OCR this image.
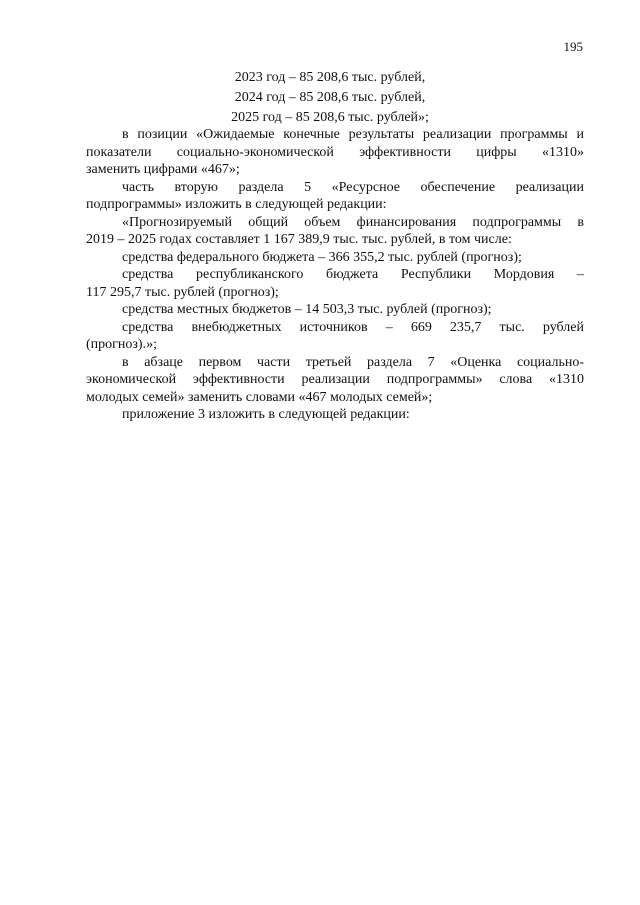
195
2023 год – 85 208,6 тыс. рублей,
2024 год – 85 208,6 тыс. рублей,
2025 год – 85 208,6 тыс. рублей»;
в позиции «Ожидаемые конечные результаты реализации программы и
показатели социально-экономической эффективности цифры «1310»
заменить цифрами «467»;
часть вторую раздела 5 «Ресурсное обеспечение реализации
подпрограммы» изложить в следующей редакции:
«Прогнозируемый общий объем финансирования подпрограммы в
2019 – 2025 годах составляет 1 167 389,9 тыс. тыс. рублей, в том числе:
средства федерального бюджета – 366 355,2 тыс. рублей (прогноз);
средства республиканского бюджета Республики Мордовия –
117 295,7 тыс. рублей (прогноз);
средства местных бюджетов – 14 503,3 тыс. рублей (прогноз);
средства внебюджетных источников – 669 235,7 тыс. рублей
(прогноз).»;
в абзаце первом части третьей раздела 7 «Оценка социально-
экономической эффективности реализации подпрограммы» слова «1310
молодых семей» заменить словами «467 молодых семей»;
приложение 3 изложить в следующей редакции:
